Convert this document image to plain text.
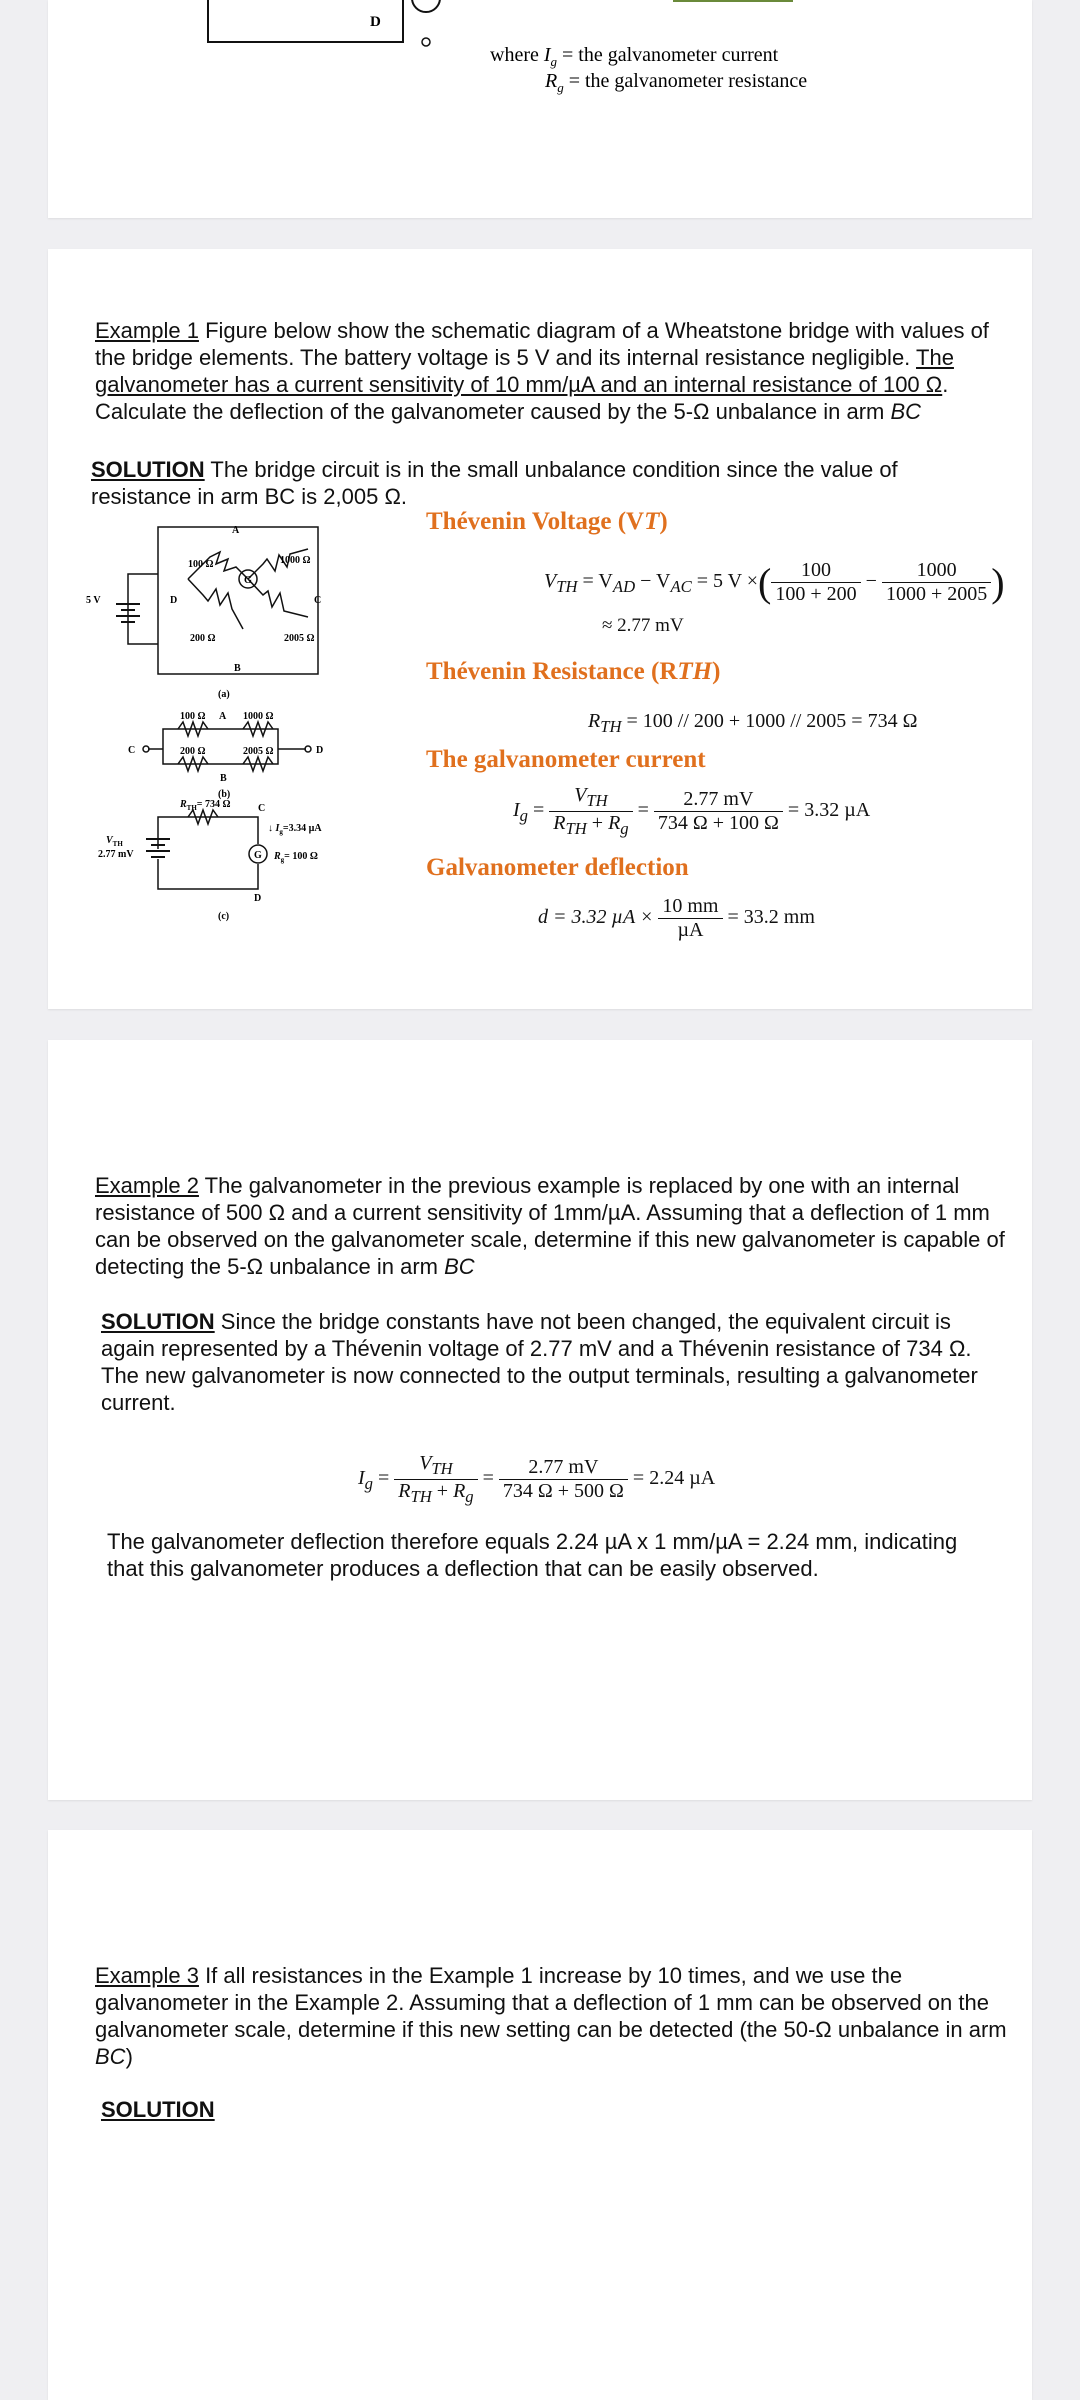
D
where $I_g$ = the galvanometer current
$R_g$ = the galvanometer resistance
Example 1 Figure below show the schematic diagram of a Wheatstone bridge with values of the bridge elements. The battery voltage is 5 V and its internal resistance negligible. The galvanometer has a current sensitivity of 10 mm/µA and an internal resistance of 100 Ω. Calculate the deflection of the galvanometer caused by the 5-Ω unbalance in arm BC
SOLUTION The bridge circuit is in the small unbalance condition since the value of resistance in arm BC is 2,005 Ω.
G
A
B
C
D
5 V
100 Ω	1000 Ω
200 Ω	2005 Ω
(a)
100 Ω A 1000 Ω
200 Ω	2005 Ω
C	D
B
(b)
G
$R_{TH}= 734$ Ω	C
↓ $I_g=3.34$ µA
$R_g= 100$ Ω
$V_{TH}$
2.77 mV
D
(c)
Thévenin Voltage (VT)
$V_{TH} = V_{AD} - V_{AC} = 5$ V ×( $\frac{100}{100 + 200} - \frac{1000}{1000 + 2005}$ )
≈ 2.77 mV
Thévenin Resistance (RTH)
$R_{TH} = 100 // 200 + 1000 // 2005 = 734$ Ω
The galvanometer current
$I_g = \frac{V_{TH}}{R_{TH} + R_g} = \frac{2.77 mV}{734 \Omega + 100 \Omega} = 3.32$ µA
Galvanometer deflection
d = 3.32 $\mu A \times \frac{10 mm}{\text{µA}} = 33.2$ mm
Example 2 The galvanometer in the previous example is replaced by one with an internal resistance of 500 Ω and a current sensitivity of 1mm/µA. Assuming that a deflection of 1 mm can be observed on the galvanometer scale, determine if this new galvanometer is capable of detecting the 5-Ω unbalance in arm BC
SOLUTION Since the bridge constants have not been changed, the equivalent circuit is again represented by a Thévenin voltage of 2.77 mV and a Thévenin resistance of 734 Ω. The new galvanometer is now connected to the output terminals, resulting a galvanometer current.
$I_g = \frac{V_{TH}}{R_{TH} + R_g} = \frac{2.77 mV}{734 \Omega + 500 \Omega} = 2.24$ µA
The galvanometer deflection therefore equals 2.24 µA x 1 mm/µA = 2.24 mm, indicating that this galvanometer produces a deflection that can be easily observed.
Example 3 If all resistances in the Example 1 increase by 10 times, and we use the galvanometer in the Example 2. Assuming that a deflection of 1 mm can be observed on the galvanometer scale, determine if this new setting can be detected (the 50-Ω unbalance in arm BC)
SOLUTION
